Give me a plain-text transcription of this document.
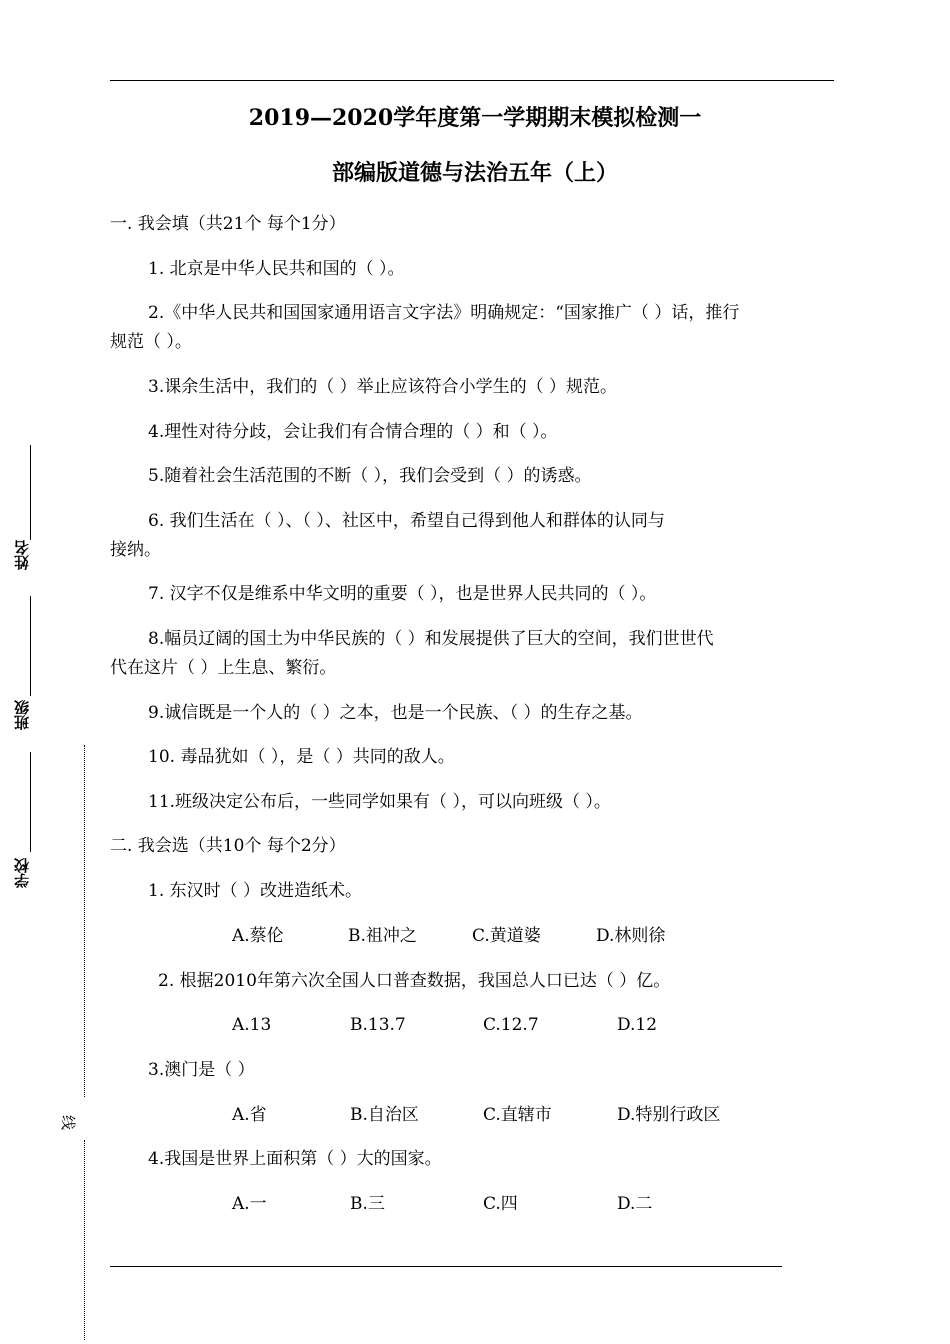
姓名
班级
学校
线
2019—2020学年度第一学期期末模拟检测一
部编版道德与法治五年（上）
一. 我会填（共21个 每个1分）
1. 北京是中华人民共和国的（ ）。
2.《中华人民共和国国家通用语言文字法》明确规定：“国家推广（ ）话，推行
规范（ ）。
3.课余生活中，我们的（ ）举止应该符合小学生的（ ）规范。
4.理性对待分歧，会让我们有合情合理的（ ）和（ ）。
5.随着社会生活范围的不断（ ），我们会受到（ ）的诱惑。
6. 我们生活在（ ）、（ ）、社区中，希望自己得到他人和群体的认同与
接纳。
7. 汉字不仅是维系中华文明的重要（ ），也是世界人民共同的（ ）。
8.幅员辽阔的国土为中华民族的（ ）和发展提供了巨大的空间，我们世世代
代在这片（ ）上生息、繁衍。
9.诚信既是一个人的（ ）之本，也是一个民族、（ ）的生存之基。
10. 毒品犹如（ ），是（ ）共同的敌人。
11.班级决定公布后，一些同学如果有（ ），可以向班级（ ）。
二. 我会选（共10个 每个2分）
1. 东汉时（ ）改进造纸术。
A.蔡伦	B.祖冲之	C.黄道婆	D.林则徐
2. 根据2010年第六次全国人口普查数据，我国总人口已达（ ）亿。
A.13	B.13.7	C.12.7	D.12
3.澳门是（ ）
A.省	B.自治区	C.直辖市	D.特别行政区
4.我国是世界上面积第（ ）大的国家。
A.一	B.三	C.四	D.二
